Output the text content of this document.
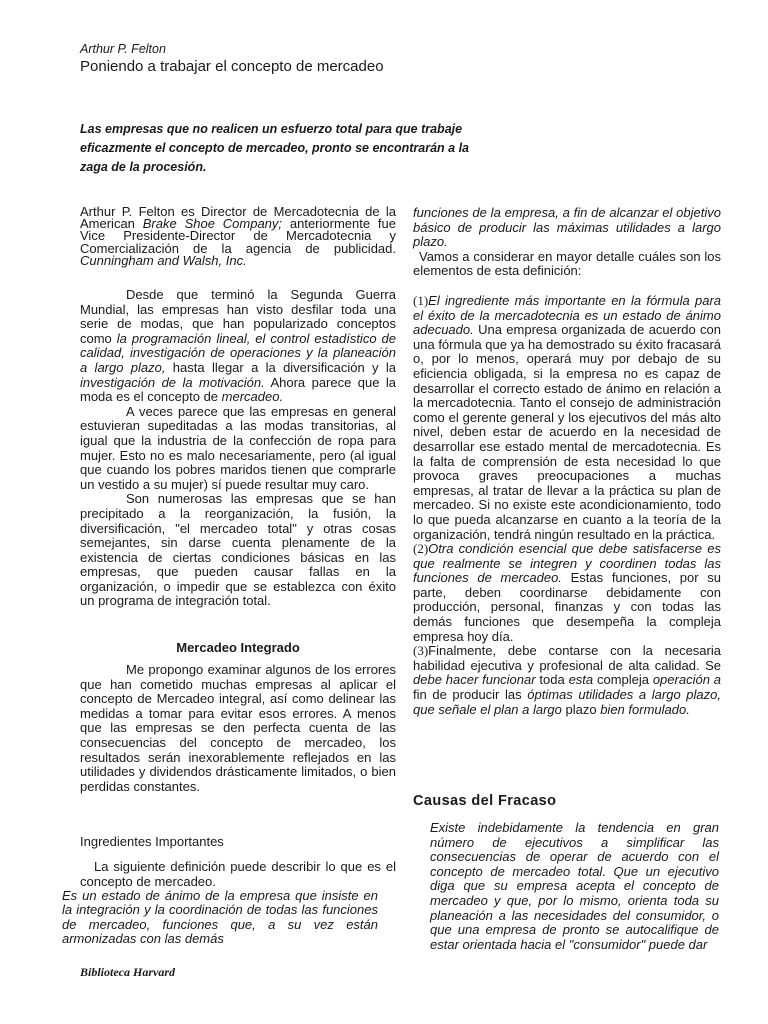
Arthur P. Felton
Poniendo a trabajar el concepto de mercadeo
Las empresas que no realicen un esfuerzo total para que trabaje eficazmente el concepto de mercadeo, pronto se encontrarán a la zaga de la procesión.
Arthur P. Felton es Director de Mercadotecnia de la American Brake Shoe Company; anteriormente fue Vice Presidente-Director de Mercadotecnia y Comercialización de la agencia de publicidad. Cunningham and Walsh, Inc.

Desde que terminó la Segunda Guerra Mundial, las empresas han visto desfilar toda una serie de modas, que han popularizado conceptos como la programación lineal, el control estadístico de calidad, investigación de operaciones y la planeación a largo plazo, hasta llegar a la diversificación y la investigación de la motivación. Ahora parece que la moda es el concepto de mercadeo.

A veces parece que las empresas en general estuvieran supeditadas a las modas transitorias, al igual que la industria de la confección de ropa para mujer. Esto no es malo necesariamente, pero (al igual que cuando los pobres maridos tienen que comprarle un vestido a su mujer) sí puede resultar muy caro.

Son numerosas las empresas que se han precipitado a la reorganización, la fusión, la diversificación, "el mercadeo total" y otras cosas semejantes, sin darse cuenta plenamente de la existencia de ciertas condiciones básicas en las empresas, que pueden causar fallas en la organización, o impedir que se establezca con éxito un programa de integración total.

Mercadeo Integrado

Me propongo examinar algunos de los errores que han cometido muchas empresas al aplicar el concepto de Mercadeo integral, así como delinear las medidas a tomar para evitar esos errores. A menos que las empresas se den perfecta cuenta de las consecuencias del concepto de mercadeo, los resultados serán inexorablemente reflejados en las utilidades y dividendos drásticamente limitados, o bien perdidas constantes.

Ingredientes Importantes
La siguiente definición puede describir lo que es el concepto de mercadeo.
Es un estado de ánimo de la empresa que insiste en la integración y la coordinación de todas las funciones de mercadeo, funciones que, a su vez están armonizadas con las demás

funciones de la empresa, a fin de alcanzar el objetivo básico de producir las máximas utilidades a largo plazo.

Vamos a considerar en mayor detalle cuáles son los elementos de esta definición:

(1)El ingrediente más importante en la fórmula para el éxito de la mercadotecnia es un estado de ánimo adecuado. Una empresa organizada de acuerdo con una fórmula que ya ha demostrado su éxito fracasará o, por lo menos, operará muy por debajo de su eficiencia obligada, si la empresa no es capaz de desarrollar el correcto estado de ánimo en relación a la mercadotecnia. Tanto el consejo de administración como el gerente general y los ejecutivos del más alto nivel, deben estar de acuerdo en la necesidad de desarrollar ese estado mental de mercadotecnia. Es la falta de comprensión de esta necesidad lo que provoca graves preocupaciones a muchas empresas, al tratar de llevar a la práctica su plan de mercadeo. Si no existe este acondicionamiento, todo lo que pueda alcanzarse en cuanto a la teoría de la organización, tendrá ningún resultado en la práctica.

(2)Otra condición esencial que debe satisfacerse es que realmente se integren y coordinen todas las funciones de mercadeo. Estas funciones, por su parte, deben coordinarse debidamente con producción, personal, finanzas y con todas las demás funciones que desempeña la compleja empresa hoy día.

(3)Finalmente, debe contarse con la necesaria habilidad ejecutiva y profesional de alta calidad. Se debe hacer funcionar toda esta compleja operación a fin de producir las óptimas utilidades a largo plazo, que señale el plan a largo plazo bien formulado.

Causas del Fracaso
Existe indebidamente la tendencia en gran número de ejecutivos a simplificar las consecuencias de operar de acuerdo con el concepto de mercadeo total. Que un ejecutivo diga que su empresa acepta el concepto de mercadeo y que, por lo mismo, orienta toda su planeación a las necesidades del consumidor, o que una empresa de pronto se autocalifique de estar orientada hacia el "consumidor" puede dar
Biblioteca Harvard
